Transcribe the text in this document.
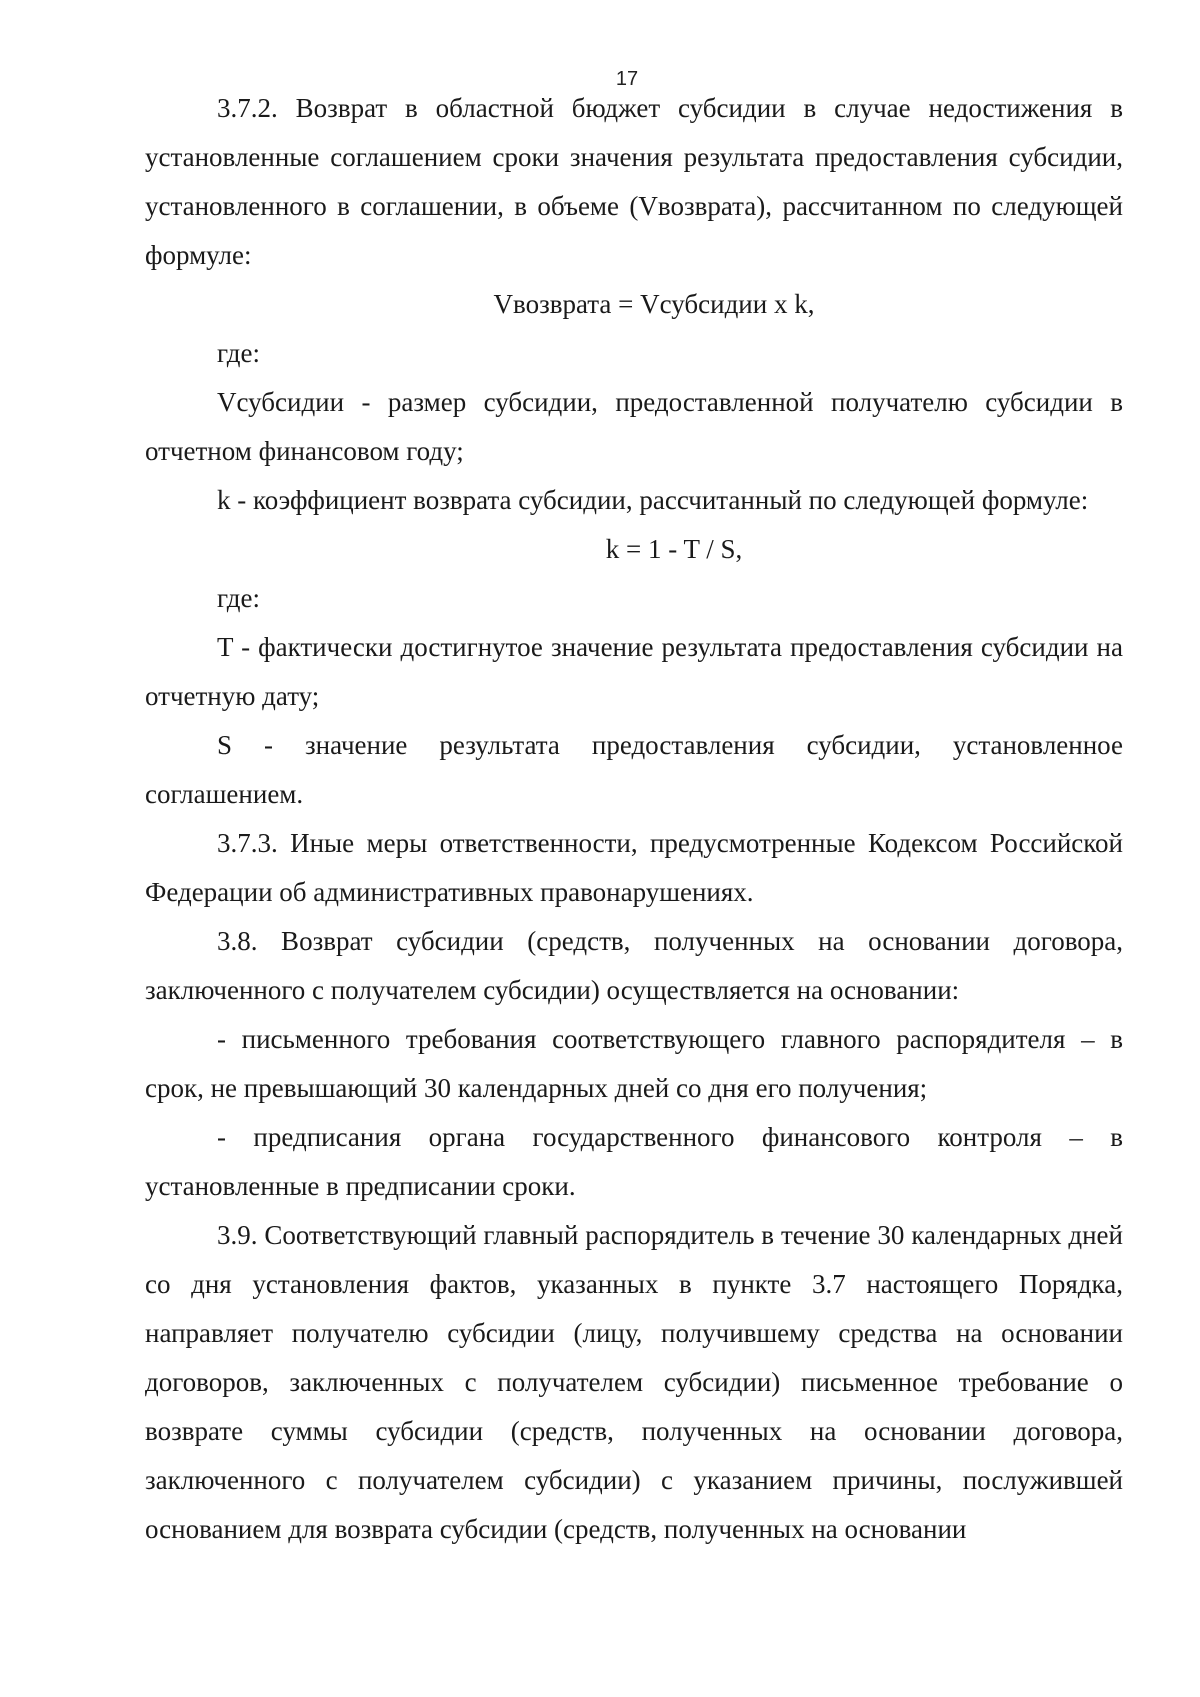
17

3.7.2. Возврат в областной бюджет субсидии в случае недостижения в установленные соглашением сроки значения результата предоставления субсидии, установленного в соглашении, в объеме (Vвозврата), рассчитанном по следующей формуле:

Vвозврата = Vсубсидии x k,

где:

Vсубсидии - размер субсидии, предоставленной получателю субсидии в отчетном финансовом году;

k - коэффициент возврата субсидии, рассчитанный по следующей формуле:

k = 1 - T / S,

где:

T - фактически достигнутое значение результата предоставления субсидии на отчетную дату;

S - значение результата предоставления субсидии, установленное соглашением.

3.7.3. Иные меры ответственности, предусмотренные Кодексом Российской Федерации об административных правонарушениях.

3.8. Возврат субсидии (средств, полученных на основании договора, заключенного с получателем субсидии) осуществляется на основании:

- письменного требования соответствующего главного распорядителя – в срок, не превышающий 30 календарных дней со дня его получения;

- предписания органа государственного финансового контроля – в установленные в предписании сроки.

3.9. Соответствующий главный распорядитель в течение 30 календарных дней со дня установления фактов, указанных в пункте 3.7 настоящего Порядка, направляет получателю субсидии (лицу, получившему средства на основании договоров, заключенных с получателем субсидии) письменное требование о возврате суммы субсидии (средств, полученных на основании договора, заключенного с получателем субсидии) с указанием причины, послужившей основанием для возврата субсидии (средств, полученных на основании
